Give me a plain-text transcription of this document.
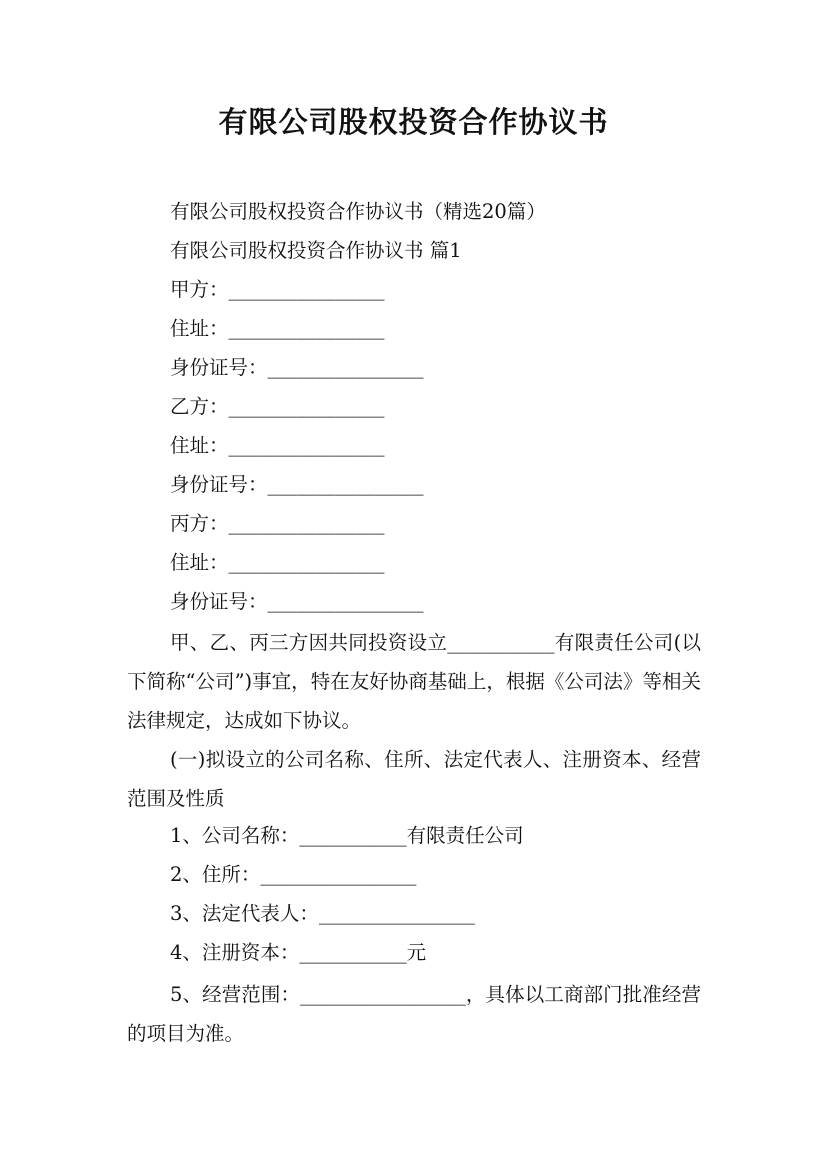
有限公司股权投资合作协议书
有限公司股权投资合作协议书（精选20篇）
有限公司股权投资合作协议书 篇1
甲方：________________
住址：________________
身份证号：________________
乙方：________________
住址：________________
身份证号：________________
丙方：________________
住址：________________
身份证号：________________
甲、乙、丙三方因共同投资设立___________有限责任公司(以下简称“公司”)事宜，特在友好协商基础上，根据《公司法》等相关法律规定，达成如下协议。
(一)拟设立的公司名称、住所、法定代表人、注册资本、经营范围及性质
1、公司名称：___________有限责任公司
2、住所：________________
3、法定代表人：________________
4、注册资本：___________元
5、经营范围：_________________，具体以工商部门批准经营的项目为准。
